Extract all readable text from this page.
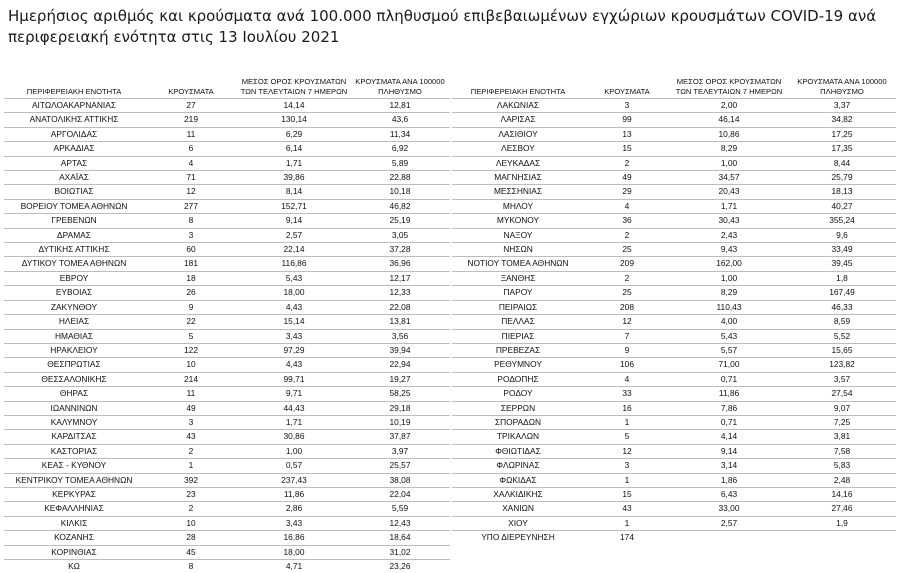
Ημερήσιος αριθμός και κρούσματα ανά 100.000 πληθυσμού επιβεβαιωμένων εγχώριων κρουσμάτων COVID-19 ανά περιφερειακή ενότητα στις 13 Ιουλίου 2021
ΠΕΡΙΦΕΡΕΙΑΚΗ ΕΝΟΤΗΤΑ	ΚΡΟΥΣΜΑΤΑ	ΜΕΣΟΣ ΟΡΟΣ ΚΡΟΥΣΜΑΤΩΝ ΤΩΝ ΤΕΛΕΥΤΑΙΩΝ 7 ΗΜΕΡΩΝ	ΚΡΟΥΣΜΑΤΑ ΑΝΑ 100000 ΠΛΗΘΥΣΜΟ
ΑΙΤΩΛΟΑΚΑΡΝΑΝΙΑΣ	27	14,14	12,81
ΑΝΑΤΟΛΙΚΗΣ ΑΤΤΙΚΗΣ	219	130,14	43,6
ΑΡΓΟΛΙΔΑΣ	11	6,29	11,34
ΑΡΚΑΔΙΑΣ	6	6,14	6,92
ΑΡΤΑΣ	4	1,71	5,89
ΑΧΑΪΑΣ	71	39,86	22,88
ΒΟΙΩΤΙΑΣ	12	8,14	10,18
ΒΟΡΕΙΟΥ ΤΟΜΕΑ ΑΘΗΝΩΝ	277	152,71	46,82
ΓΡΕΒΕΝΩΝ	8	9,14	25,19
ΔΡΑΜΑΣ	3	2,57	3,05
ΔΥΤΙΚΗΣ ΑΤΤΙΚΗΣ	60	22,14	37,28
ΔΥΤΙΚΟΥ ΤΟΜΕΑ ΑΘΗΝΩΝ	181	116,86	36,96
ΕΒΡΟΥ	18	5,43	12,17
ΕΥΒΟΙΑΣ	26	18,00	12,33
ΖΑΚΥΝΘΟΥ	9	4,43	22,08
ΗΛΕΙΑΣ	22	15,14	13,81
ΗΜΑΘΙΑΣ	5	3,43	3,56
ΗΡΑΚΛΕΙΟΥ	122	97,29	39,94
ΘΕΣΠΡΩΤΙΑΣ	10	4,43	22,94
ΘΕΣΣΑΛΟΝΙΚΗΣ	214	99,71	19,27
ΘΗΡΑΣ	11	9,71	58,25
ΙΩΑΝΝΙΝΩΝ	49	44,43	29,18
ΚΑΛΥΜΝΟΥ	3	1,71	10,19
ΚΑΡΔΙΤΣΑΣ	43	30,86	37,87
ΚΑΣΤΟΡΙΑΣ	2	1,00	3,97
ΚΕΑΣ - ΚΥΘΝΟΥ	1	0,57	25,57
ΚΕΝΤΡΙΚΟΥ ΤΟΜΕΑ ΑΘΗΝΩΝ	392	237,43	38,08
ΚΕΡΚΥΡΑΣ	23	11,86	22,04
ΚΕΦΑΛΛΗΝΙΑΣ	2	2,86	5,59
ΚΙΛΚΙΣ	10	3,43	12,43
ΚΟΖΑΝΗΣ	28	16,86	18,64
ΚΟΡΙΝΘΙΑΣ	45	18,00	31,02
ΚΩ	8	4,71	23,26
ΠΕΡΙΦΕΡΕΙΑΚΗ ΕΝΟΤΗΤΑ	ΚΡΟΥΣΜΑΤΑ	ΜΕΣΟΣ ΟΡΟΣ ΚΡΟΥΣΜΑΤΩΝ ΤΩΝ ΤΕΛΕΥΤΑΙΩΝ 7 ΗΜΕΡΩΝ	ΚΡΟΥΣΜΑΤΑ ΑΝΑ 100000 ΠΛΗΘΥΣΜΟ
ΛΑΚΩΝΙΑΣ	3	2,00	3,37
ΛΑΡΙΣΑΣ	99	46,14	34,82
ΛΑΣΙΘΙΟΥ	13	10,86	17,25
ΛΕΣΒΟΥ	15	8,29	17,35
ΛΕΥΚΑΔΑΣ	2	1,00	8,44
ΜΑΓΝΗΣΙΑΣ	49	34,57	25,79
ΜΕΣΣΗΝΙΑΣ	29	20,43	18,13
ΜΗΛΟΥ	4	1,71	40,27
ΜΥΚΟΝΟΥ	36	30,43	355,24
ΝΑΞΟΥ	2	2,43	9,6
ΝΗΣΩΝ	25	9,43	33,49
ΝΟΤΙΟΥ ΤΟΜΕΑ ΑΘΗΝΩΝ	209	162,00	39,45
ΞΑΝΘΗΣ	2	1,00	1,8
ΠΑΡΟΥ	25	8,29	167,49
ΠΕΙΡΑΙΩΣ	208	110,43	46,33
ΠΕΛΛΑΣ	12	4,00	8,59
ΠΙΕΡΙΑΣ	7	5,43	5,52
ΠΡΕΒΕΖΑΣ	9	5,57	15,65
ΡΕΘΥΜΝΟΥ	106	71,00	123,82
ΡΟΔΟΠΗΣ	4	0,71	3,57
ΡΟΔΟΥ	33	11,86	27,54
ΣΕΡΡΩΝ	16	7,86	9,07
ΣΠΟΡΑΔΩΝ	1	0,71	7,25
ΤΡΙΚΑΛΩΝ	5	4,14	3,81
ΦΘΙΩΤΙΔΑΣ	12	9,14	7,58
ΦΛΩΡΙΝΑΣ	3	3,14	5,83
ΦΩΚΙΔΑΣ	1	1,86	2,48
ΧΑΛΚΙΔΙΚΗΣ	15	6,43	14,16
ΧΑΝΙΩΝ	43	33,00	27,46
ΧΙΟΥ	1	2,57	1,9
ΥΠΟ ΔΙΕΡΕΥΝΗΣΗ	174		
